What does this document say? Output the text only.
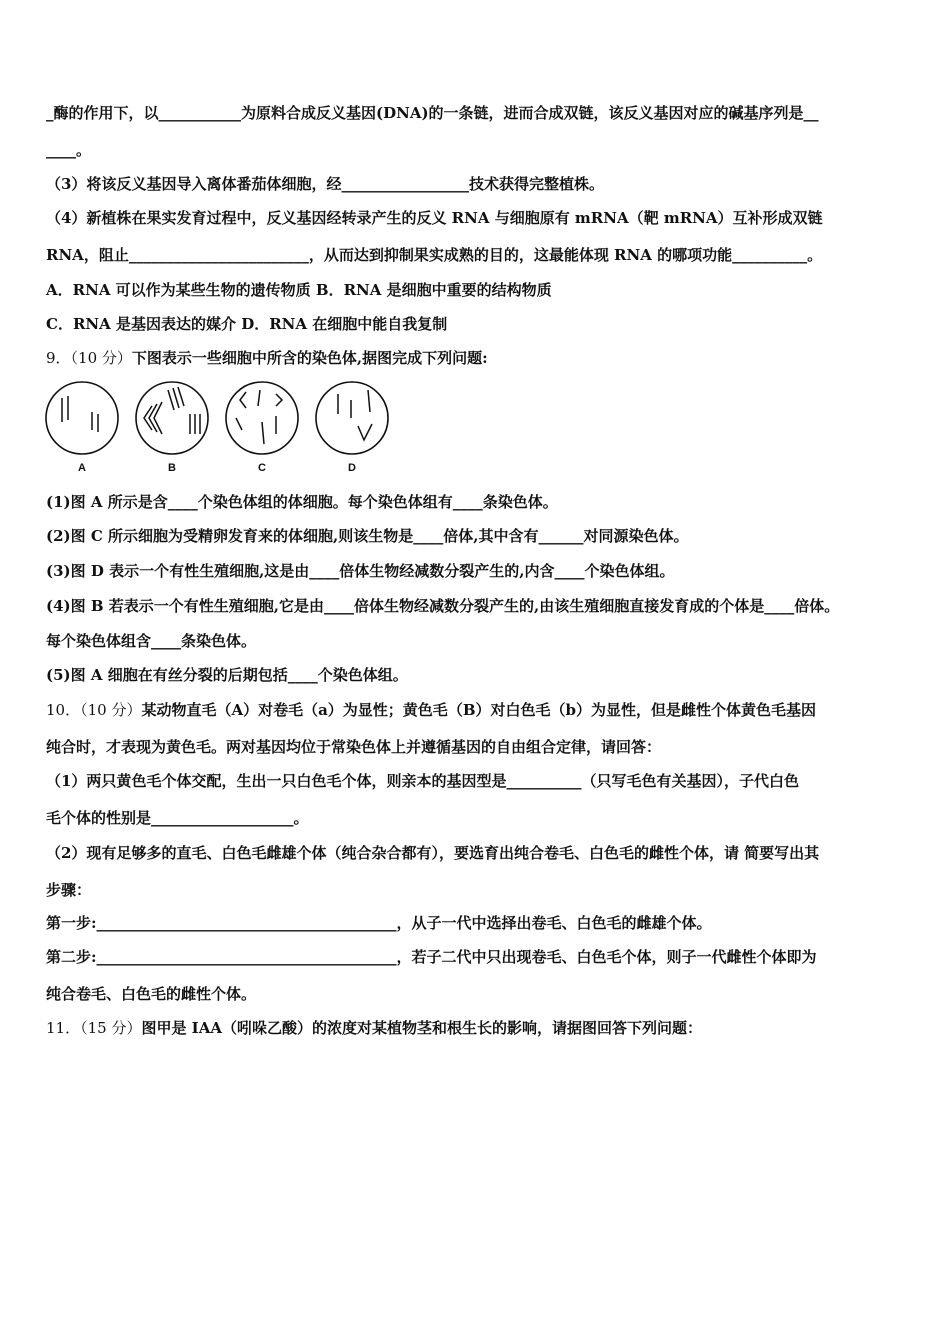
_酶的作用下，以___________为原料合成反义基因(DNA)的一条链，进而合成双链，该反义基因对应的碱基序列是__
____。
（3）将该反义基因导入离体番茄体细胞，经_________________技术获得完整植株。
（4）新植株在果实发育过程中，反义基因经转录产生的反义 RNA 与细胞原有 mRNA（靶 mRNA）互补形成双链
RNA，阻止________________________，从而达到抑制果实成熟的目的，这最能体现 RNA 的哪项功能__________。
A．RNA 可以作为某些生物的遗传物质 B．RNA 是细胞中重要的结构物质
C．RNA 是基因表达的媒介 D．RNA 在细胞中能自我复制
9．（10 分）下图表示一些细胞中所含的染色体,据图完成下列问题:
A	B	C	D
(1)图 A 所示是含____个染色体组的体细胞。每个染色体组有____条染色体。
(2)图 C 所示细胞为受精卵发育来的体细胞,则该生物是____倍体,其中含有______对同源染色体。
(3)图 D 表示一个有性生殖细胞,这是由____倍体生物经减数分裂产生的,内含____个染色体组。
(4)图 B 若表示一个有性生殖细胞,它是由____倍体生物经减数分裂产生的,由该生殖细胞直接发育成的个体是____倍体。
每个染色体组含____条染色体。
(5)图 A 细胞在有丝分裂的后期包括____个染色体组。
10．（10 分）某动物直毛（A）对卷毛（a）为显性；黄色毛（B）对白色毛（b）为显性，但是雌性个体黄色毛基因
纯合时，才表现为黄色毛。两对基因均位于常染色体上并遵循基因的自由组合定律，请回答：
（1）两只黄色毛个体交配，生出一只白色毛个体，则亲本的基因型是__________（只写毛色有关基因），子代白色
毛个体的性别是___________________。
（2）现有足够多的直毛、白色毛雌雄个体（纯合杂合都有），要选育出纯合卷毛、白色毛的雌性个体，请 简要写出其
步骤：
第一步:________________________________________，从子一代中选择出卷毛、白色毛的雌雄个体。
第二步:________________________________________，若子二代中只出现卷毛、白色毛个体，则子一代雌性个体即为
纯合卷毛、白色毛的雌性个体。
11．（15 分）图甲是 IAA（吲哚乙酸）的浓度对某植物茎和根生长的影响，请据图回答下列问题：
